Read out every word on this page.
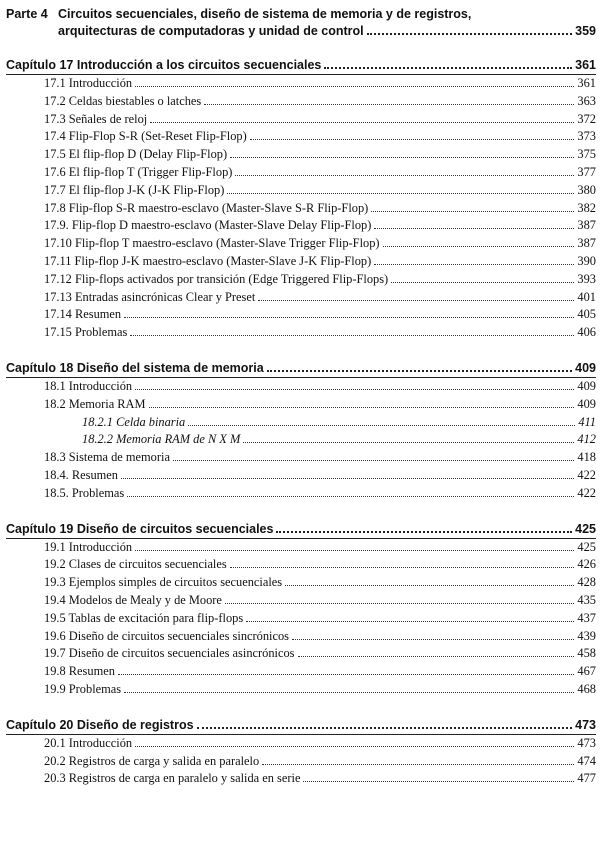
Parte 4 Circuitos secuenciales, diseño de sistema de memoria y de registros,
arquitecturas de computadoras y unidad de control	359
Capítulo 17 Introducción a los circuitos secuenciales	361
17.1 Introducción	361
17.2 Celdas biestables o latches	363
17.3 Señales de reloj	372
17.4 Flip-Flop S-R (Set-Reset Flip-Flop)	373
17.5 El flip-flop D (Delay Flip-Flop)	375
17.6 El flip-flop T (Trigger Flip-Flop)	377
17.7 El flip-flop J-K (J-K Flip-Flop)	380
17.8 Flip-flop S-R maestro-esclavo (Master-Slave S-R Flip-Flop)	382
17.9. Flip-flop D maestro-esclavo (Master-Slave Delay Flip-Flop)	387
17.10 Flip-flop T maestro-esclavo (Master-Slave Trigger Flip-Flop)	387
17.11 Flip-flop J-K maestro-esclavo (Master-Slave J-K Flip-Flop)	390
17.12 Flip-flops activados por transición (Edge Triggered Flip-Flops)	393
17.13 Entradas asincrónicas Clear y Preset	401
17.14 Resumen	405
17.15 Problemas	406
Capítulo 18 Diseño del sistema de memoria	409
18.1 Introducción	409
18.2 Memoria RAM	409
18.2.1 Celda binaria	411
18.2.2 Memoria RAM de N X M	412
18.3 Sistema de memoria	418
18.4. Resumen	422
18.5. Problemas	422
Capítulo 19 Diseño de circuitos secuenciales	425
19.1 Introducción	425
19.2 Clases de circuitos secuenciales	426
19.3 Ejemplos simples de circuitos secuenciales	428
19.4 Modelos de Mealy y de Moore	435
19.5 Tablas de excitación para flip-flops	437
19.6 Diseño de circuitos secuenciales sincrónicos	439
19.7 Diseño de circuitos secuenciales asincrónicos	458
19.8 Resumen	467
19.9 Problemas	468
Capítulo 20 Diseño de registros	473
20.1 Introducción	473
20.2 Registros de carga y salida en paralelo	474
20.3 Registros de carga en paralelo y salida en serie	477
